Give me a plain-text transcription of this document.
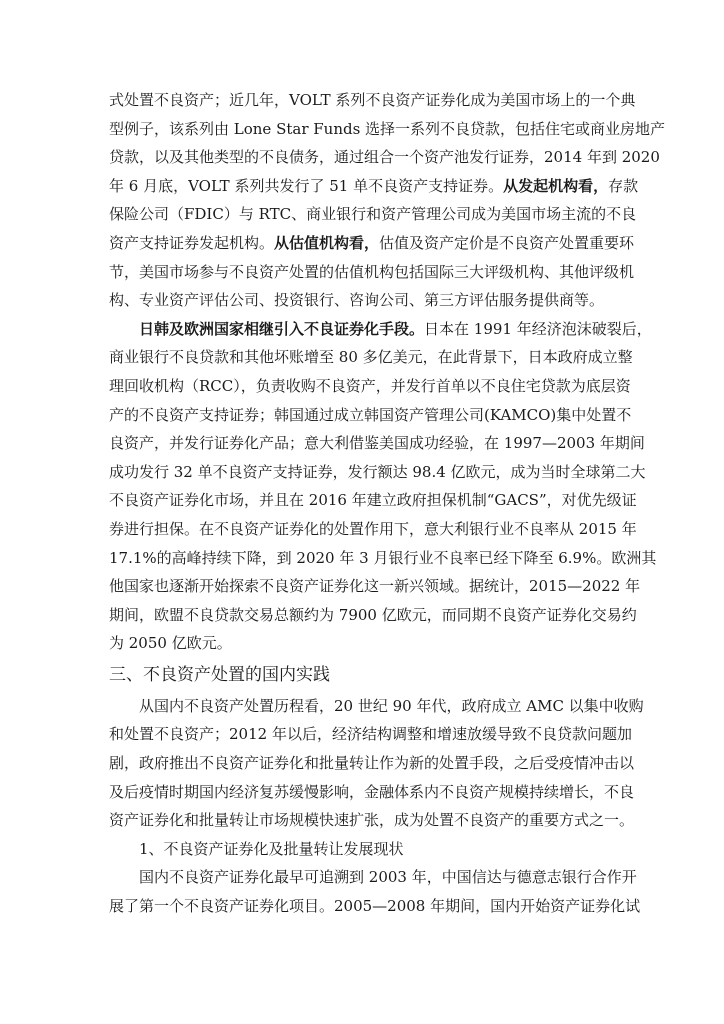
式处置不良资产；近几年，VOLT 系列不良资产证券化成为美国市场上的一个典
型例子，该系列由 Lone Star Funds 选择一系列不良贷款，包括住宅或商业房地产
贷款，以及其他类型的不良债务，通过组合一个资产池发行证券，2014 年到 2020
年 6 月底，VOLT 系列共发行了 51 单不良资产支持证券。从发起机构看，存款
保险公司（FDIC）与 RTC、商业银行和资产管理公司成为美国市场主流的不良
资产支持证券发起机构。从估值机构看，估值及资产定价是不良资产处置重要环
节，美国市场参与不良资产处置的估值机构包括国际三大评级机构、其他评级机
构、专业资产评估公司、投资银行、咨询公司、第三方评估服务提供商等。
日韩及欧洲国家相继引入不良证券化手段。日本在 1991 年经济泡沫破裂后，
商业银行不良贷款和其他坏账增至 80 多亿美元，在此背景下，日本政府成立整
理回收机构（RCC），负责收购不良资产，并发行首单以不良住宅贷款为底层资
产的不良资产支持证券；韩国通过成立韩国资产管理公司(KAMCO)集中处置不
良资产，并发行证券化产品；意大利借鉴美国成功经验，在 1997—2003 年期间
成功发行 32 单不良资产支持证券，发行额达 98.4 亿欧元，成为当时全球第二大
不良资产证券化市场，并且在 2016 年建立政府担保机制“GACS”，对优先级证
券进行担保。在不良资产证券化的处置作用下，意大利银行业不良率从 2015 年
17.1%的高峰持续下降，到 2020 年 3 月银行业不良率已经下降至 6.9%。欧洲其
他国家也逐渐开始探索不良资产证券化这一新兴领域。据统计，2015—2022 年
期间，欧盟不良贷款交易总额约为 7900 亿欧元，而同期不良资产证券化交易约
为 2050 亿欧元。
三、不良资产处置的国内实践
从国内不良资产处置历程看，20 世纪 90 年代，政府成立 AMC 以集中收购
和处置不良资产；2012 年以后，经济结构调整和增速放缓导致不良贷款问题加
剧，政府推出不良资产证券化和批量转让作为新的处置手段，之后受疫情冲击以
及后疫情时期国内经济复苏缓慢影响，金融体系内不良资产规模持续增长，不良
资产证券化和批量转让市场规模快速扩张，成为处置不良资产的重要方式之一。
1、不良资产证券化及批量转让发展现状
国内不良资产证券化最早可追溯到 2003 年，中国信达与德意志银行合作开
展了第一个不良资产证券化项目。2005—2008 年期间，国内开始资产证券化试
